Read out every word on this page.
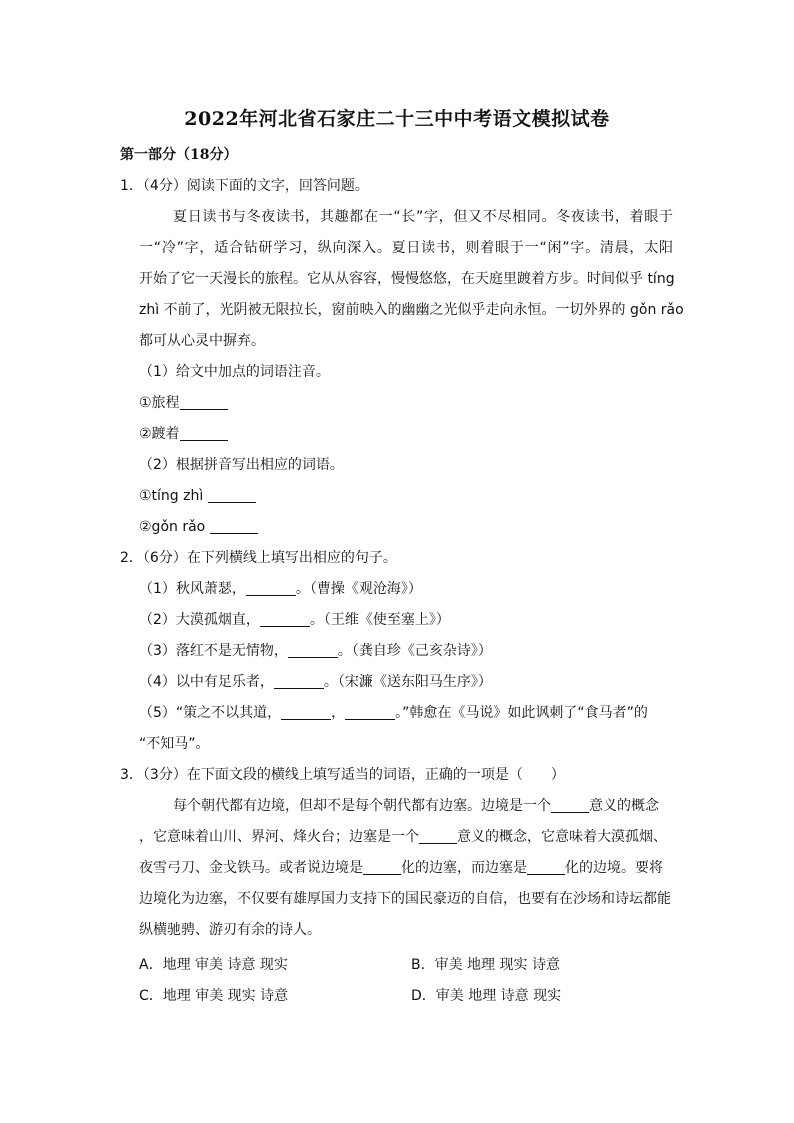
2022年河北省石家庄二十三中中考语文模拟试卷
第一部分（18分）
1．（4分）阅读下面的文字，回答问题。
夏日读书与冬夜读书，其趣都在一“长”字，但又不尽相同。冬夜读书，着眼于
一“冷”字，适合钻研学习，纵向深入。夏日读书，则着眼于一“闲”字。清晨，太阳
开始了它一天漫长的旅程。它从从容容，慢慢悠悠，在天庭里踱着方步。时间似乎 tíng
zhì 不前了，光阴被无限拉长，窗前映入的幽幽之光似乎走向永恒。一切外界的 gǒn rǎo
都可从心灵中摒弃。
（1）给文中加点的词语注音。
①旅程
②踱着
（2）根据拼音写出相应的词语。
①tíng zhì
②gǒn rǎo
2．（6分）在下列横线上填写出相应的句子。
（1）秋风萧瑟，	。（曹操《观沧海》）
（2）大漠孤烟直，	。（王维《使至塞上》）
（3）落红不是无情物，	。（龚自珍《己亥杂诗》）
（4）以中有足乐者，	。（宋濂《送东阳马生序》）
（5）“策之不以其道，	，	。”韩愈在《马说》如此讽刺了“食马者”的
“不知马”。
3．（3分）在下面文段的横线上填写适当的词语，正确的一项是（　　）
每个朝代都有边境，但却不是每个朝代都有边塞。边境是一个	意义的概念
，它意味着山川、界河、烽火台；边塞是一个	意义的概念，它意味着大漠孤烟、
夜雪弓刀、金戈铁马。或者说边境是	化的边塞，而边塞是	化的边境。要将
边境化为边塞，不仅要有雄厚国力支持下的国民豪迈的自信，也要有在沙场和诗坛都能
纵横驰骋、游刃有余的诗人。
A．地理 审美 诗意 现实	B．审美 地理 现实 诗意
C．地理 审美 现实 诗意	D．审美 地理 诗意 现实
